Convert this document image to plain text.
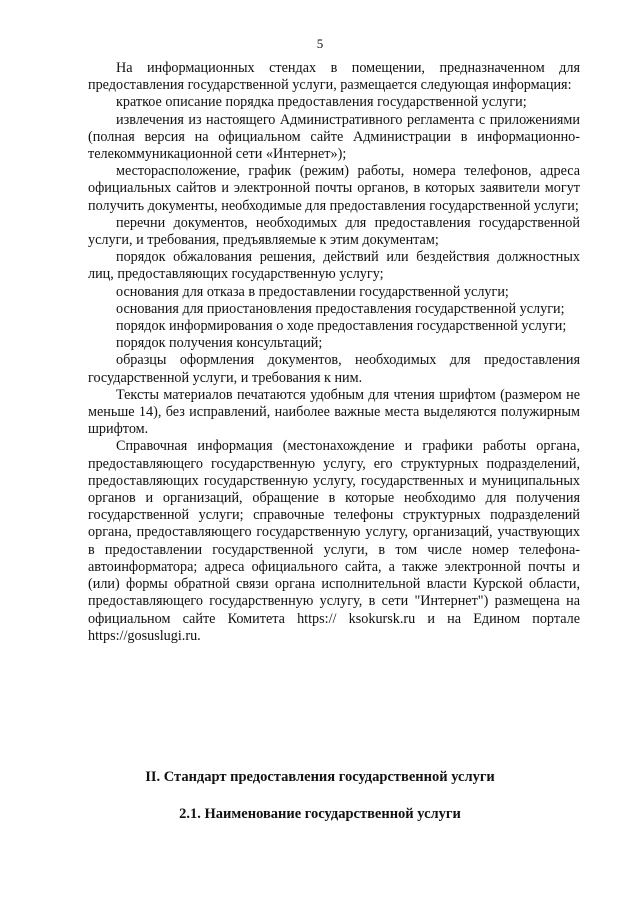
5

На информационных стендах в помещении, предназначенном для предоставления государственной услуги, размещается следующая информация:

краткое описание порядка предоставления государственной услуги;

извлечения из настоящего Административного регламента с приложениями (полная версия на официальном сайте Администрации в информационно-телекоммуникационной сети «Интернет»);

месторасположение, график (режим) работы, номера телефонов, адреса официальных сайтов и электронной почты органов, в которых заявители могут получить документы, необходимые для предоставления государственной услуги;

перечни документов, необходимых для предоставления государственной услуги, и требования, предъявляемые к этим документам;

порядок обжалования решения, действий или бездействия должностных лиц, предоставляющих государственную услугу;

основания для отказа в предоставлении государственной услуги;

основания для приостановления предоставления государственной услуги;

порядок информирования о ходе предоставления государственной услуги;

порядок получения консультаций;

образцы оформления документов, необходимых для предоставления государственной услуги, и требования к ним.

Тексты материалов печатаются удобным для чтения шрифтом (размером не меньше 14), без исправлений, наиболее важные места выделяются полужирным шрифтом.

Справочная информация (местонахождение и графики работы органа, предоставляющего государственную услугу, его структурных подразделений, предоставляющих государственную услугу, государственных и муниципальных органов и организаций, обращение в которые необходимо для получения государственной услуги; справочные телефоны структурных подразделений органа, предоставляющего государственную услугу, организаций, участвующих в предоставлении государственной услуги, в том числе номер телефона-автоинформатора; адреса официального сайта, а также электронной почты и (или) формы обратной связи органа исполнительной власти Курской области, предоставляющего государственную услугу, в сети "Интернет") размещена на официальном сайте Комитета https:// ksokursk.ru и на Едином портале https://gosuslugi.ru.

II. Стандарт предоставления государственной услуги
2.1. Наименование государственной услуги
